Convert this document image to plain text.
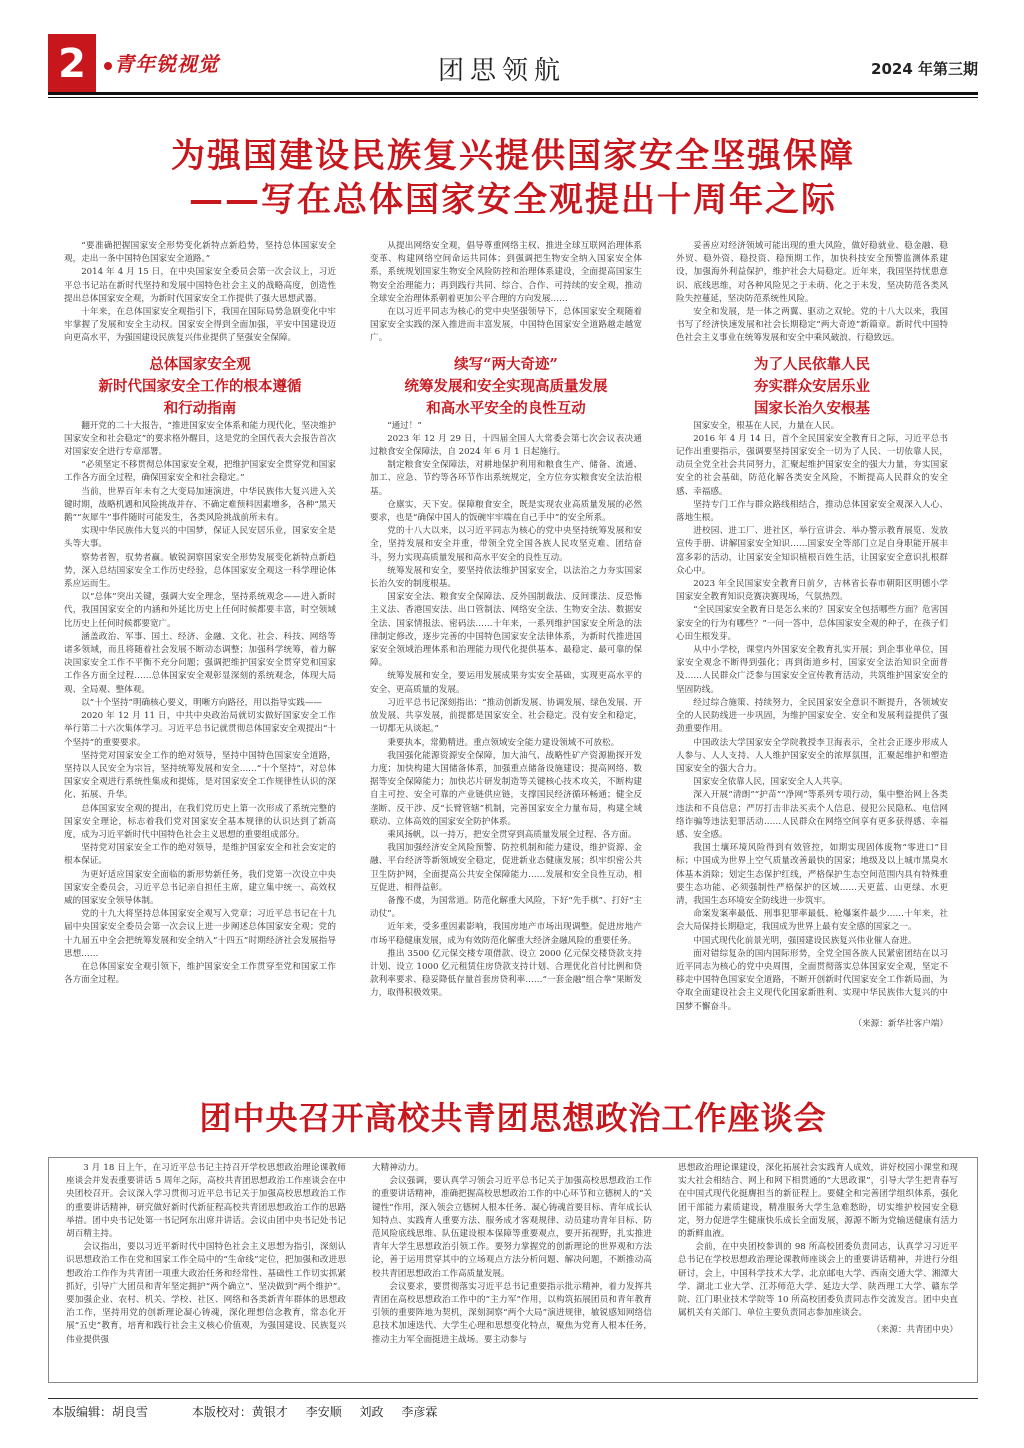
2	青年锐视觉	团思领航	2024 年第三期
为强国建设民族复兴提供国家安全坚强保障
——写在总体国家安全观提出十周年之际

“要准确把握国家安全形势变化新特点新趋势，坚持总体国家安全观，走出一条中国特色国家安全道路。”

2014 年 4 月 15 日，在中央国家安全委员会第一次会议上，习近平总书记站在新时代坚持和发展中国特色社会主义的战略高度，创造性提出总体国家安全观，为新时代国家安全工作提供了强大思想武器。

十年来，在总体国家安全观指引下，我国在国际局势急剧变化中牢牢掌握了发展和安全主动权。国家安全得到全面加强，平安中国建设迈向更高水平，为强国建设民族复兴伟业提供了坚强安全保障。

总体国家安全观
新时代国家安全工作的根本遵循
和行动指南

翻开党的二十大报告，“推进国家安全体系和能力现代化，坚决维护国家安全和社会稳定”的要求格外醒目，这是党的全国代表大会报告首次对国家安全进行专章部署。

“必须坚定不移贯彻总体国家安全观，把维护国家安全贯穿党和国家工作各方面全过程，确保国家安全和社会稳定。”

当前，世界百年未有之大变局加速演进，中华民族伟大复兴进入关键时期，战略机遇和风险挑战并存、不确定难预料因素增多，各种“黑天鹅”“灰犀牛”事件随时可能发生，各类风险挑战前所未有。

实现中华民族伟大复兴的中国梦，保证人民安居乐业，国家安全是头等大事。

察势者智，驭势者赢。敏锐洞察国家安全形势发展变化新特点新趋势，深入总结国家安全工作历史经验，总体国家安全观这一科学理论体系应运而生。

以“总体”突出关键，强调大安全理念，坚持系统观念——进入新时代，我国国家安全的内涵和外延比历史上任何时候都要丰富，时空领域比历史上任何时候都要宽广。

涵盖政治、军事、国土、经济、金融、文化、社会、科技、网络等诸多领域，而且将随着社会发展不断动态调整；加强科学统筹，着力解决国家安全工作不平衡不充分问题；强调把维护国家安全贯穿党和国家工作各方面全过程……总体国家安全观彰显深刻的系统观念，体现大局观、全局观、整体观。

以“十个坚持”明确核心要义，明晰方向路径，用以指导实践——

2020 年 12 月 11 日，中共中央政治局就切实做好国家安全工作举行第二十六次集体学习。习近平总书记就贯彻总体国家安全观提出“十个坚持”的重要要求。

坚持党对国家安全工作的绝对领导，坚持中国特色国家安全道路，坚持以人民安全为宗旨，坚持统筹发展和安全……“十个坚持”，对总体国家安全观进行系统性集成和提炼，是对国家安全工作规律性认识的深化、拓展、升华。

总体国家安全观的提出，在我们党历史上第一次形成了系统完整的国家安全理论，标志着我们党对国家安全基本规律的认识达到了新高度，成为习近平新时代中国特色社会主义思想的重要组成部分。

坚持党对国家安全工作的绝对领导，是维护国家安全和社会安定的根本保证。

为更好适应国家安全面临的新形势新任务，我们党第一次设立中央国家安全委员会，习近平总书记亲自担任主席，建立集中统一、高效权威的国家安全领导体制。

党的十九大将坚持总体国家安全观写入党章；习近平总书记在十九届中央国家安全委员会第一次会议上进一步阐述总体国家安全观；党的十九届五中全会把统筹发展和安全纳入“十四五”时期经济社会发展指导思想……

在总体国家安全观引领下，维护国家安全工作贯穿至党和国家工作各方面全过程。

从提出网络安全观，倡导尊重网络主权、推进全球互联网治理体系变革、构建网络空间命运共同体；到强调把生物安全纳入国家安全体系，系统规划国家生物安全风险防控和治理体系建设，全面提高国家生物安全治理能力；再到践行共同、综合、合作、可持续的安全观，推动全球安全治理体系朝着更加公平合理的方向发展……

在以习近平同志为核心的党中央坚强领导下，总体国家安全观随着国家安全实践的深入推进而丰富发展，中国特色国家安全道路越走越宽广。

续写“两大奇迹”
统筹发展和安全实现高质量发展
和高水平安全的良性互动

“通过！”

2023 年 12 月 29 日，十四届全国人大常委会第七次会议表决通过粮食安全保障法，自 2024 年 6 月 1 日起施行。

制定粮食安全保障法，对耕地保护利用和粮食生产、储备、流通、加工、应急、节约等各环节作出系统规定，全方位夯实粮食安全法治根基。

仓廪实，天下安。保障粮食安全，既是实现农业高质量发展的必然要求，也是“确保中国人的饭碗牢牢端在自己手中”的安全所系。

党的十八大以来，以习近平同志为核心的党中央坚持统筹发展和安全，坚持发展和安全并重，带领全党全国各族人民攻坚克难、团结奋斗，努力实现高质量发展和高水平安全的良性互动。

统筹发展和安全，要坚持依法维护国家安全，以法治之力夯实国家长治久安的制度根基。

国家安全法、粮食安全保障法、反外国制裁法、反间谍法、反恐怖主义法、香港国安法、出口管制法、网络安全法、生物安全法、数据安全法、国家情报法、密码法……十年来，一系列维护国家安全所急的法律制定修改，逐步完善的中国特色国家安全法律体系，为新时代推进国家安全领域治理体系和治理能力现代化提供基本、最稳定、最可靠的保障。

统筹发展和安全，要运用发展成果夯实安全基础，实现更高水平的安全、更高质量的发展。

习近平总书记深刻指出：“推动创新发展、协调发展、绿色发展、开放发展、共享发展，前提都是国家安全、社会稳定。没有安全和稳定，一切都无从谈起。”

秉要执本，常勤精进。重点领域安全能力建设领域不可放松。

我国强化能源资源安全保障，加大油气、战略性矿产资源勘探开发力度；加快构建大国储备体系，加强重点储备设施建设；提高网络、数据等安全保障能力；加快芯片研发制造等关键核心技术攻关，不断构建自主可控、安全可靠的产业链供应链，支撑国民经济循环畅通；健全反垄断、反干涉、反“长臂管辖”机制，完善国家安全力量布局，构建全域联动、立体高效的国家安全防护体系。

乘风扬帆，以一持万，把安全贯穿到高质量发展全过程、各方面。

我国加强经济安全风险预警、防控机制和能力建设，维护资源、金融、平台经济等新领域安全稳定，促进新业态健康发展；织牢织密公共卫生防护网，全面提高公共安全保障能力……发展和安全良性互动，相互促进、相得益彰。

备豫不虞，为国常道。防范化解重大风险，下好“先手棋”、打好“主动仗”。

近年来，受多重因素影响，我国房地产市场出现调整。促进房地产市场平稳健康发展，成为有效防范化解重大经济金融风险的重要任务。

推出 3500 亿元保交楼专项借款、设立 2000 亿元保交楼贷款支持计划、设立 1000 亿元租赁住房贷款支持计划、合理优化首付比例和贷款利率要求、稳妥降低存量首套房贷利率……“一套金融”组合拳”果断发力，取得积极效果。

妥善应对经济领域可能出现的重大风险，做好稳就业、稳金融、稳外贸、稳外资、稳投资、稳预期工作，加快科技安全预警监测体系建设，加强海外利益保护，维护社会大局稳定。近年来，我国坚持忧患意识、底线思维，对各种风险见之于未萌、化之于未发，坚决防范各类风险失控蔓延，坚决防范系统性风险。

安全和发展，是一体之两翼、驱动之双轮。党的十八大以来，我国书写了经济快速发展和社会长期稳定“两大奇迹”新篇章。新时代中国特色社会主义事业在统筹发展和安全中乘风破浪、行稳致远。

为了人民依靠人民
夯实群众安居乐业
国家长治久安根基

国家安全，根基在人民，力量在人民。

2016 年 4 月 14 日，首个全民国家安全教育日之际，习近平总书记作出重要指示，强调要坚持国家安全一切为了人民、一切依靠人民，动员全党全社会共同努力，汇聚起维护国家安全的强大力量，夯实国家安全的社会基础，防范化解各类安全风险，不断提高人民群众的安全感、幸福感。

坚持专门工作与群众路线相结合，推动总体国家安全观深入人心、落地生根。

进校园、进工厂、进社区，举行宣讲会、举办警示教育展览、发放宣传手册、讲解国家安全知识……国家安全等部门立足自身职能开展丰富多彩的活动，让国家安全知识植根百姓生活，让国家安全意识扎根群众心中。

2023 年全民国家安全教育日前夕，吉林省长春市朝阳区明德小学国家安全教育知识竞赛决赛现场，气氛热烈。

“全民国家安全教育日是怎么来的？国家安全包括哪些方面？危害国家安全的行为有哪些？”一问一答中，总体国家安全观的种子，在孩子们心田生根发芽。

从中小学校，课堂内外国家安全教育扎实开展；到企事业单位，国家安全观念不断得到强化；再到街道乡村，国家安全法治知识全面普及……人民群众广泛参与国家安全宣传教育活动，共筑维护国家安全的坚固防线。

经过综合施策、持续努力，全民国家安全意识不断提升，各领域安全的人民防线进一步巩固，为维护国家安全、安全和发展利益提供了强劲重要作用。

中国政法大学国家安全学院教授李卫海表示，全社会正逐步形成人人参与、人人支持、人人维护国家安全的浓厚氛围，汇聚起维护和塑造国家安全的强大合力。

国家安全依靠人民，国家安全人人共享。

深入开展“清朗”“护苗”“净网”等系列专项行动，集中整治网上各类违法和不良信息；严厉打击非法买卖个人信息、侵犯公民隐私、电信网络诈骗等违法犯罪活动……人民群众在网络空间享有更多获得感、幸福感、安全感。

我国土壤环境风险得到有效管控，如期实现固体废物“零进口”目标；中国成为世界上空气质量改善最快的国家；地级及以上城市黑臭水体基本消除；划定生态保护红线，严格保护生态空间范围内具有特殊重要生态功能、必须强制性严格保护的区域……天更蓝、山更绿、水更清，我国生态环境安全防线进一步筑牢。

命案发案率最低、刑事犯罪率最低、枪爆案件最少……十年来，社会大局保持长期稳定，我国成为世界上最有安全感的国家之一。

中国式现代化前景光明，强国建设民族复兴伟业催人奋进。

面对错综复杂的国内国际形势，全党全国各族人民紧密团结在以习近平同志为核心的党中央周围，全面贯彻落实总体国家安全观，坚定不移走中国特色国家安全道路，不断开创新时代国家安全工作新局面，为夺取全面建设社会主义现代化国家新胜利、实现中华民族伟大复兴的中国梦不懈奋斗。

（来源：新华社客户端）

团中央召开高校共青团思想政治工作座谈会

3 月 18 日上午，在习近平总书记主持召开学校思想政治理论课教师座谈会并发表重要讲话 5 周年之际，高校共青团思想政治工作座谈会在中央团校召开。会议深入学习贯彻习近平总书记关于加强高校思想政治工作的重要讲话精神，研究做好新时代新征程高校共青团思想政治工作的思路举措。团中央书记处第一书记阿东出席并讲话。会议由团中央书记处书记胡百精主持。

会议指出，要以习近平新时代中国特色社会主义思想为指引，深刻认识思想政治工作在党和国家工作全局中的“生命线”定位，把加强和改进思想政治工作作为共青团一项重大政治任务和经常性、基础性工作切实抓紧抓好，引导广大团员和青年坚定拥护“两个确立”、坚决做到“两个维护”。要加强企业、农村、机关、学校、社区、网络和各类新青年群体的思想政治工作，坚持用党的创新理论凝心铸魂，深化理想信念教育，常态化开展“五史”教育，培育和践行社会主义核心价值观，为强国建设、民族复兴伟业提供强

大精神动力。

会议强调，要认真学习领会习近平总书记关于加强高校思想政治工作的重要讲话精神，准确把握高校思想政治工作的中心环节和立德树人的“关键性”作用，深入领会立德树人根本任务、凝心铸魂首要目标、青年成长认知特点、实践育人重要方法、服务成才客观规律、动员建功青年目标、防范风险底线思维、队伍建设根本保障等重要观点，要开拓视野，扎实推进青年大学生思想政治引领工作。要努力掌握党的创新理论的世界观和方法论，善于运用贯穿其中的立场观点方法分析问题、解决问题，不断推动高校共青团思想政治工作高质量发展。

会议要求，要贯彻落实习近平总书记重要指示批示精神，着力发挥共青团在高校思想政治工作中的“主力军”作用，以构筑拓展团员和青年教育引领的重要阵地为契机，深刻洞察“两个大局”演进规律，敏锐感知网络信息技术加速迭代、大学生心理和思想变化特点，聚焦为党育人根本任务，推动主力军全面挺进主战场。要主动参与

思想政治理论课建设，深化拓展社会实践育人成效，讲好校园小课堂和现实大社会相结合、网上和网下相贯通的“大思政课”，引导大学生把青春写在中国式现代化挺膺担当的新征程上。要健全和完善团学组织体系，强化团干部能力素质建设，精准服务大学生急难愁盼，切实维护校园安全稳定，努力促进学生健康快乐成长全面发展，源源不断为党输送健康有活力的新鲜血液。

会前，在中央团校参训的 98 所高校团委负责同志，认真学习习近平总书记在学校思想政治理论课教师座谈会上的重要讲话精神，并进行分组研讨，会上，中国科学技术大学、北京邮电大学、西南交通大学、湘潭大学、湖北工业大学、江苏师范大学、延边大学、陕西理工大学、赣东学院、江门职业技术学院等 10 所高校团委负责同志作交流发言。团中央直属机关有关部门、单位主要负责同志参加座谈会。

（来源：共青团中央）

本版编辑：胡良雪	本版校对：黄银才 李安顺 刘政 李彦霖
